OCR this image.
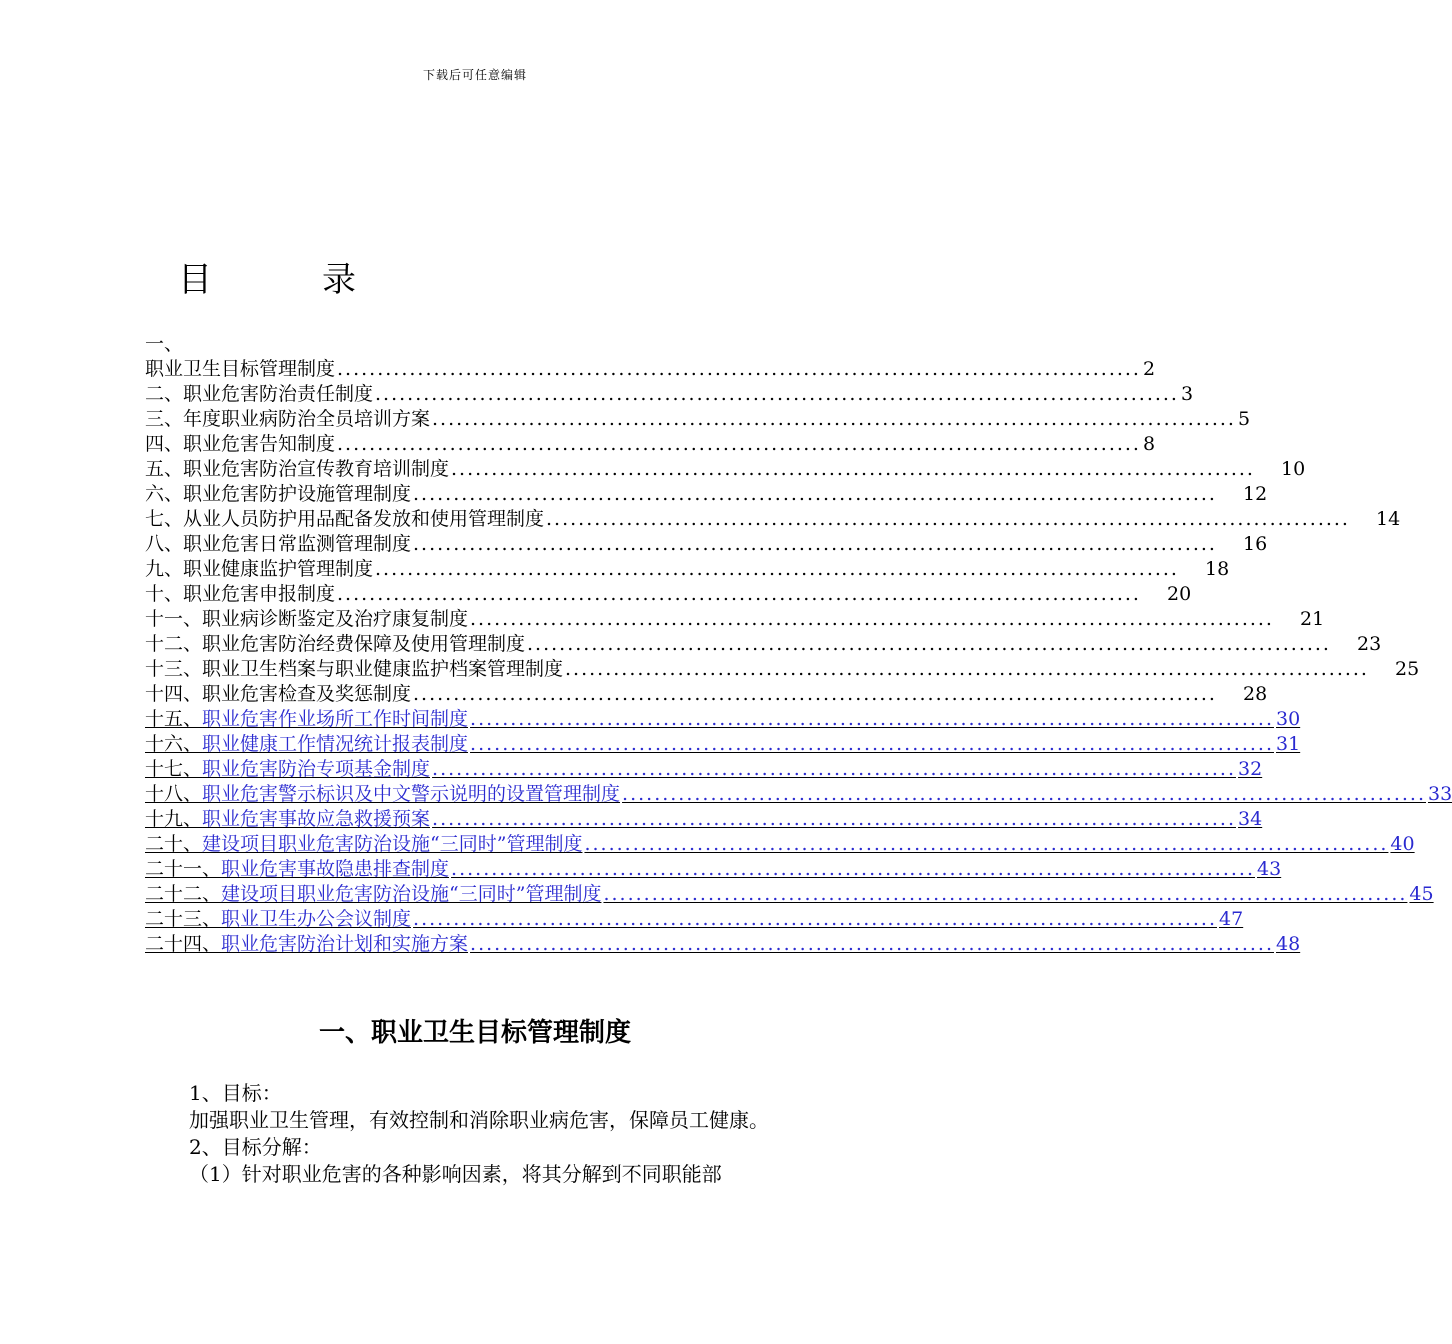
下载后可任意编辑
目　录
一、
职业卫生目标管理制度 .................................................................................................... 2
二、职业危害防治责任制度 .................................................................................................... 3
三、年度职业病防治全员培训方案 .................................................................................................... 5
四、职业危害告知制度 .................................................................................................... 8
五、职业危害防治宣传教育培训制度 .................................................................................................... 10
六、职业危害防护设施管理制度 .................................................................................................... 12
七、从业人员防护用品配备发放和使用管理制度 .................................................................................................... 14
八、职业危害日常监测管理制度 .................................................................................................... 16
九、职业健康监护管理制度 .................................................................................................... 18
十、职业危害申报制度 .................................................................................................... 20
十一、职业病诊断鉴定及治疗康复制度 .................................................................................................... 21
十二、职业危害防治经费保障及使用管理制度 .................................................................................................... 23
十三、职业卫生档案与职业健康监护档案管理制度 .................................................................................................... 25
十四、职业危害检查及奖惩制度 .................................................................................................... 28
十五、职业危害作业场所工作时间制度 .................................................................................................... 30
十六、职业健康工作情况统计报表制度 .................................................................................................... 31
十七、职业危害防治专项基金制度 .................................................................................................... 32
十八、职业危害警示标识及中文警示说明的设置管理制度 .................................................................................................... 33
十九、职业危害事故应急救援预案 .................................................................................................... 34
二十、建设项目职业危害防治设施“三同时”管理制度 .................................................................................................... 40
二十一、职业危害事故隐患排查制度 .................................................................................................... 43
二十二、建设项目职业危害防治设施“三同时”管理制度 .................................................................................................... 45
二十三、职业卫生办公会议制度 .................................................................................................... 47
二十四、职业危害防治计划和实施方案 .................................................................................................... 48
一、职业卫生目标管理制度

1、目标：

加强职业卫生管理，有效控制和消除职业病危害，保障员工健康。

2、目标分解：

（1）针对职业危害的各种影响因素，将其分解到不同职能部
